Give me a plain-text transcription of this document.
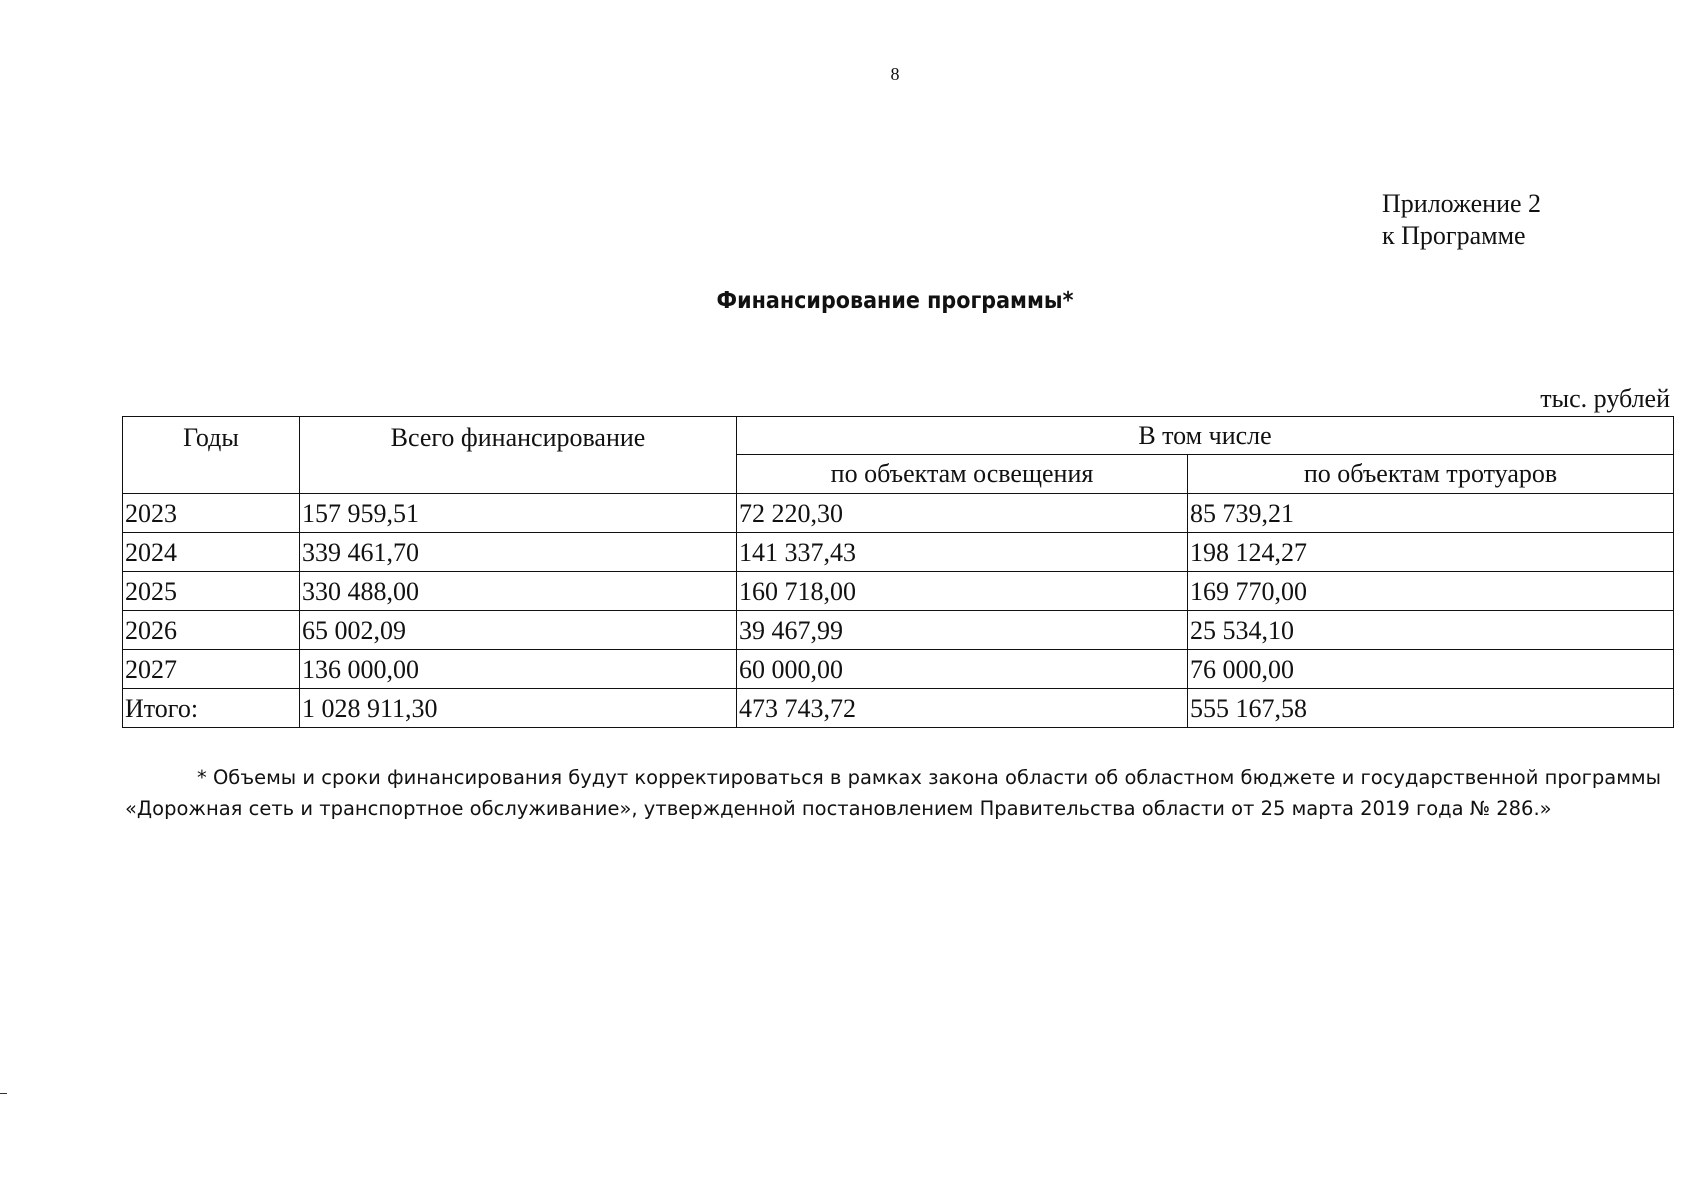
8
Приложение 2
к Программе
Финансирование программы*
тыс. рублей
Годы	Всего финансирование	В том числе	
		по объектам освещения	по объектам тротуаров
2023	157 959,51	72 220,30	85 739,21
2024	339 461,70	141 337,43	198 124,27
2025	330 488,00	160 718,00	169 770,00
2026	65 002,09	39 467,99	25 534,10
2027	136 000,00	60 000,00	76 000,00
Итого:	1 028 911,30	473 743,72	555 167,58
* Объемы и сроки финансирования будут корректироваться в рамках закона области об областном бюджете и государственной программы
«Дорожная сеть и транспортное обслуживание», утвержденной постановлением Правительства области от 25 марта 2019 года № 286.»
